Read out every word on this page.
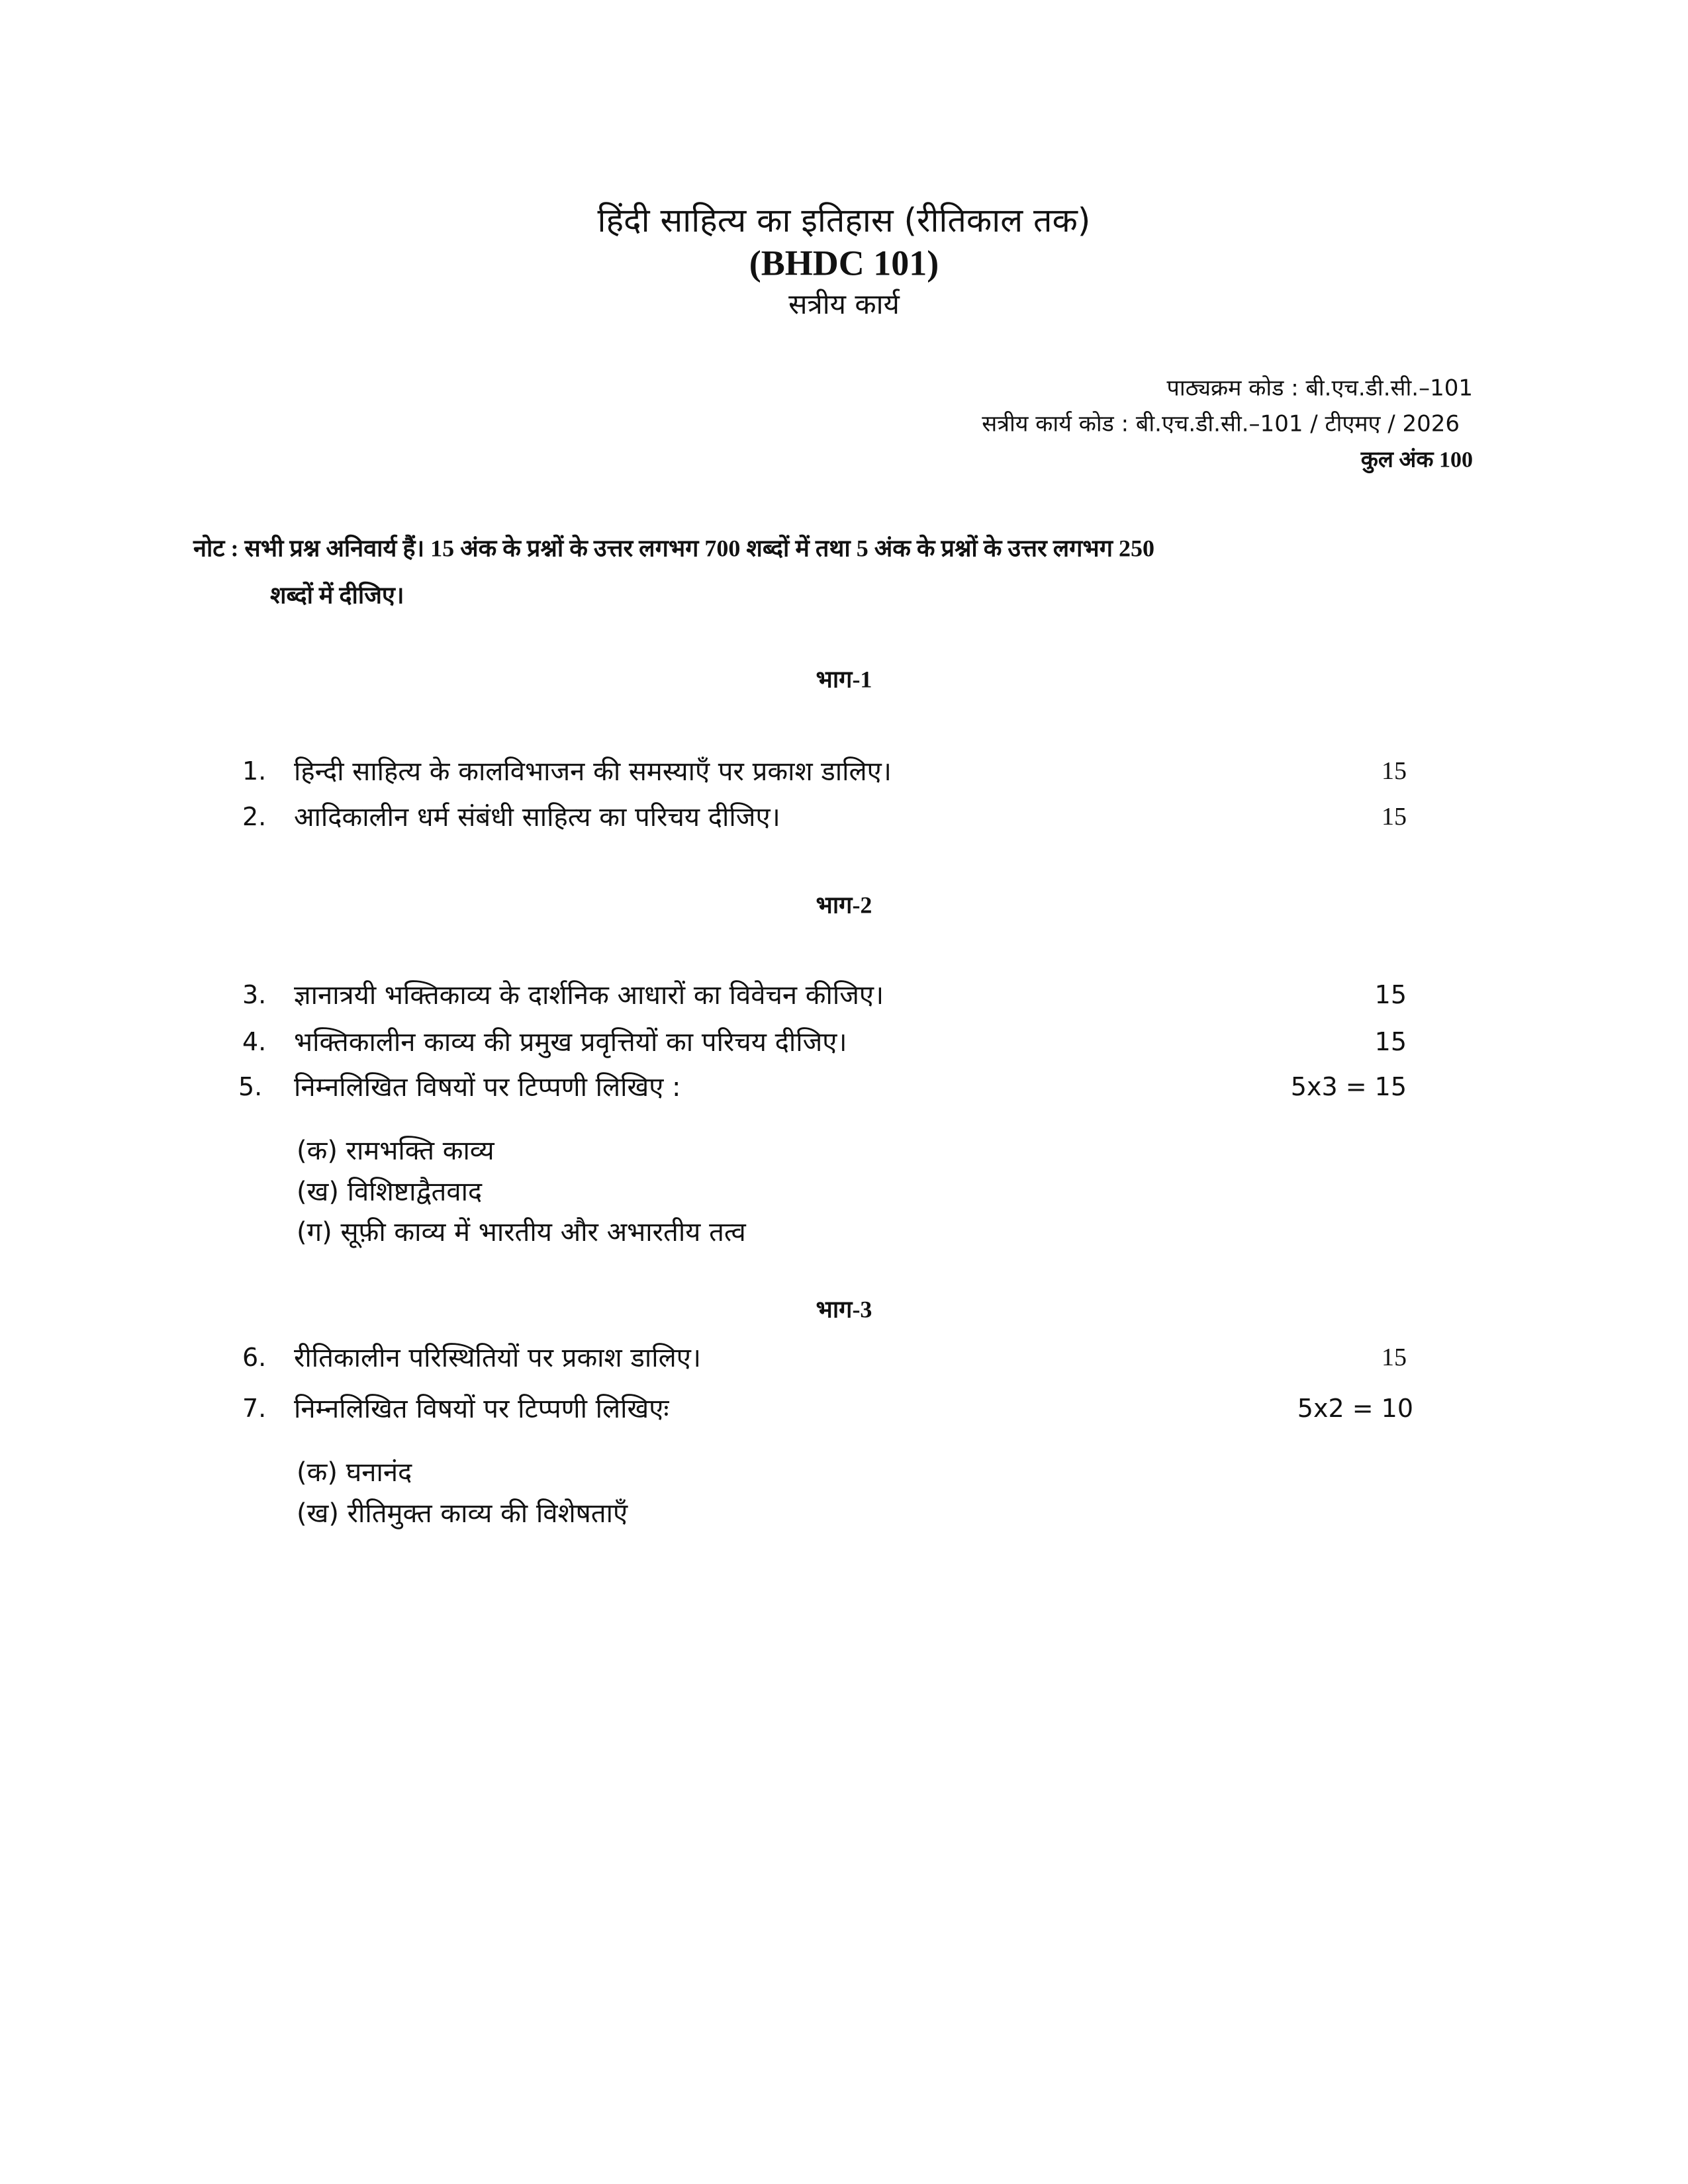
हिंदी साहित्य का इतिहास (रीतिकाल तक)
(BHDC 101)
सत्रीय कार्य
पाठ्यक्रम कोड : बी.एच.डी.सी.–101
सत्रीय कार्य कोड : बी.एच.डी.सी.–101 / टीएमए / 2026
कुल अंक 100
नोट : सभी प्रश्न अनिवार्य हैं। 15 अंक के प्रश्नों के उत्तर लगभग 700 शब्दों में तथा 5 अंक के प्रश्नों के उत्तर लगभग 250
शब्दों में दीजिए।
भाग-1
1. हिन्दी साहित्य के कालविभाजन की समस्याएँ पर प्रकाश डालिए।	15
2. आदिकालीन धर्म संबंधी साहित्य का परिचय दीजिए।	15
भाग-2
3. ज्ञानात्रयी भक्तिकाव्य के दार्शनिक आधारों का विवेचन कीजिए।	15
4. भक्तिकालीन काव्य की प्रमुख प्रवृत्तियों का परिचय दीजिए।	15
5. निम्नलिखित विषयों पर टिप्पणी लिखिए :	5x3 = 15
(क) रामभक्ति काव्य
(ख) विशिष्टाद्वैतवाद
(ग) सूफ़ी काव्य में भारतीय और अभारतीय तत्व
भाग-3
6. रीतिकालीन परिस्थितियों पर प्रकाश डालिए।	15
7. निम्नलिखित विषयों पर टिप्पणी लिखिएः	5x2 = 10
(क) घनानंद
(ख) रीतिमुक्त काव्य की विशेषताएँ
